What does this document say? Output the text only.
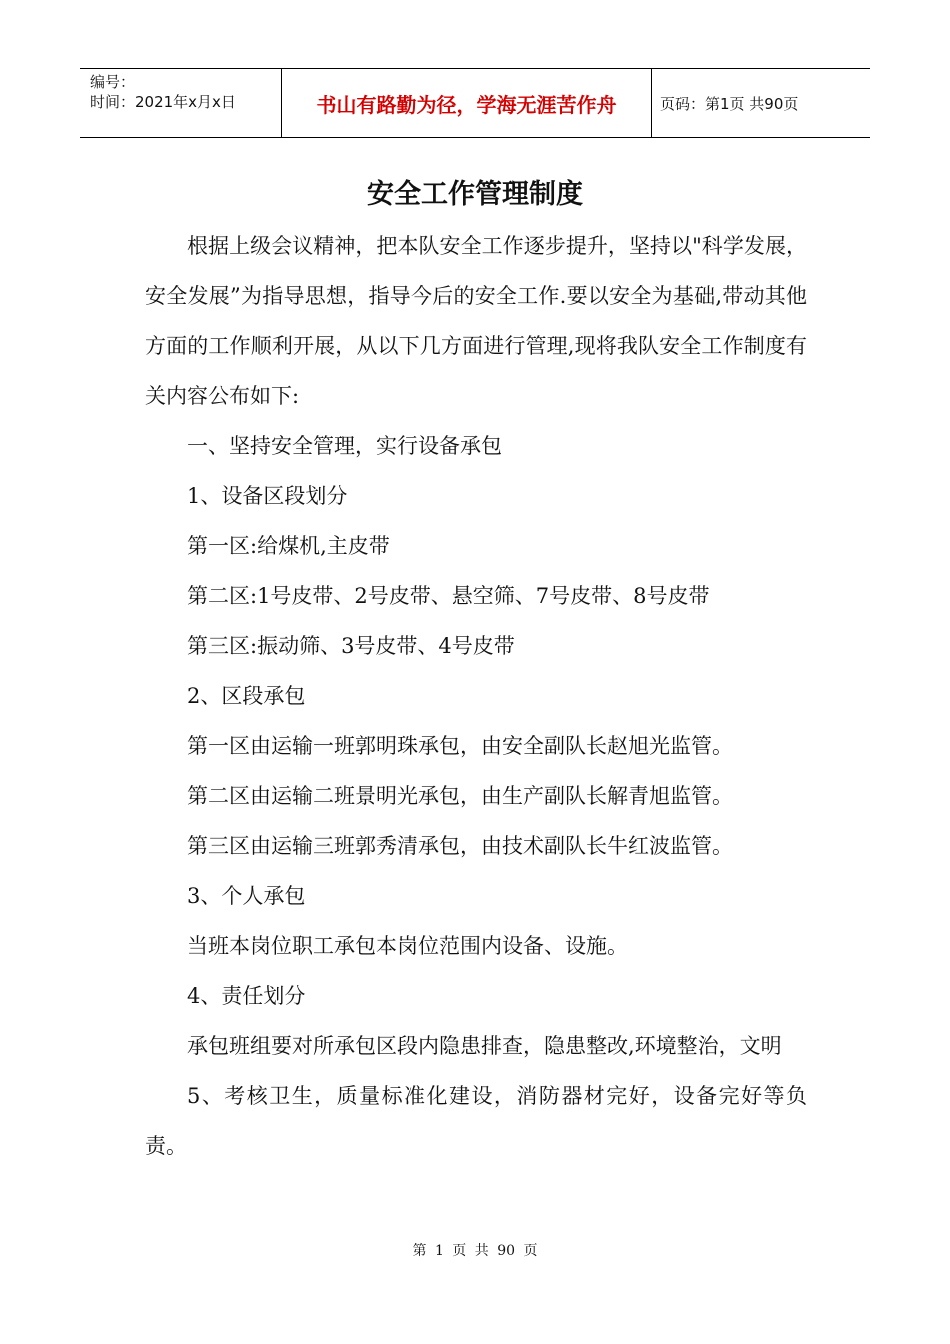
编号：
时间：2021年x月x日	书山有路勤为径，学海无涯苦作舟	页码：第1页 共90页
安全工作管理制度

根据上级会议精神，把本队安全工作逐步提升，坚持以"科学发展，安全发展”为指导思想，指导今后的安全工作.要以安全为基础,带动其他方面的工作顺利开展，从以下几方面进行管理,现将我队安全工作制度有关内容公布如下:

一、坚持安全管理，实行设备承包

1、设备区段划分

第一区:给煤机,主皮带

第二区:1号皮带、2号皮带、悬空筛、7号皮带、8号皮带

第三区:振动筛、3号皮带、4号皮带

2、区段承包

第一区由运输一班郭明珠承包，由安全副队长赵旭光监管。

第二区由运输二班景明光承包，由生产副队长解青旭监管。

第三区由运输三班郭秀清承包，由技术副队长牛红波监管。

3、个人承包

当班本岗位职工承包本岗位范围内设备、设施。

4、责任划分

承包班组要对所承包区段内隐患排查，隐患整改,环境整治，文明

5、考核卫生，质量标准化建设，消防器材完好，设备完好等负责。

第 1 页 共 90 页
